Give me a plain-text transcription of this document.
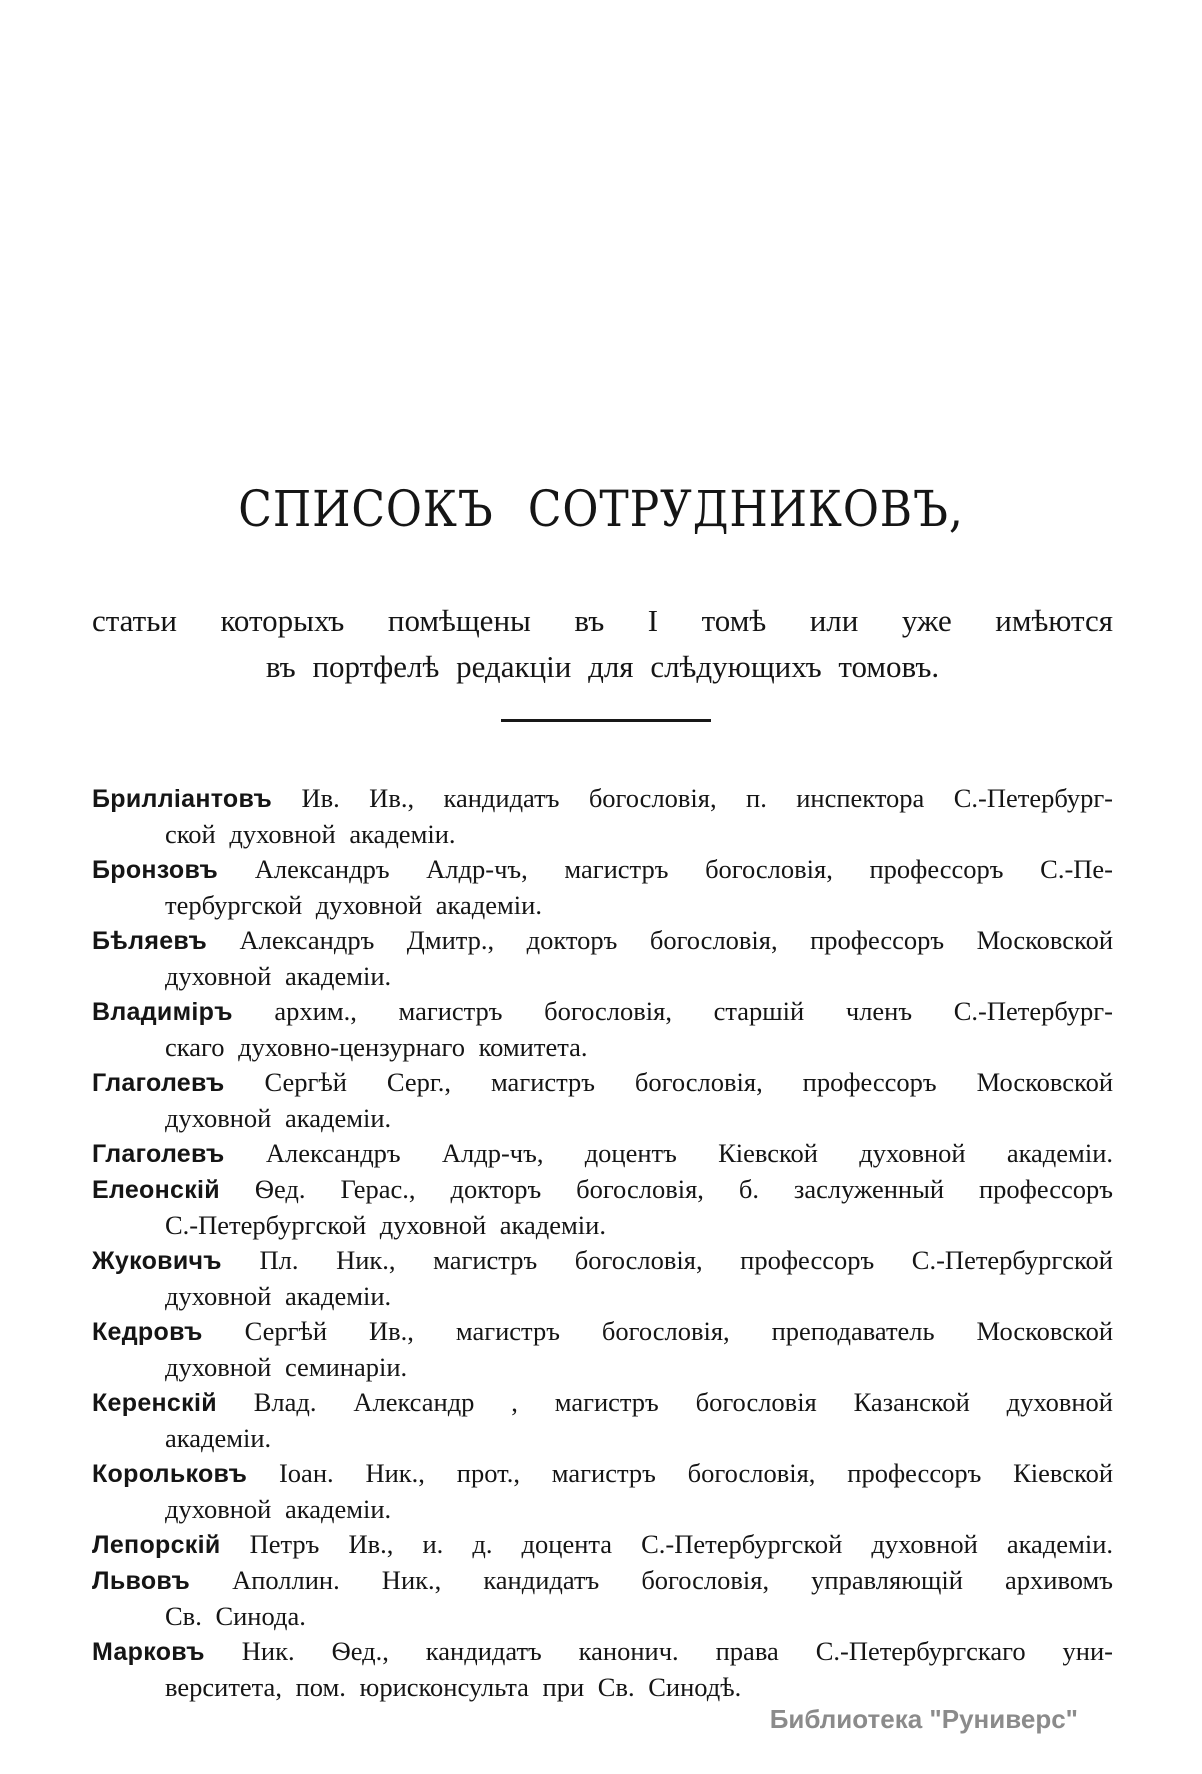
СПИСОКЪ СОТРУДНИКОВЪ,
статьи которыхъ помѣщены въ I томѣ или уже имѣются
въ портфелѣ редакціи для слѣдующихъ томовъ.
Брилліантовъ Ив. Ив., кандидатъ богословія, п. инспектора С.-Петербург-
ской духовной академіи.
Бронзовъ Александръ Алдр-чъ, магистръ богословія, профессоръ С.-Пе-
тербургской духовной академіи.
Бѣляевъ Александръ Дмитр., докторъ богословія, профессоръ Московской
духовной академіи.
Владиміръ архим., магистръ богословія, старшій членъ С.-Петербург-
скаго духовно-цензурнаго комитета.
Глаголевъ Сергѣй Серг., магистръ богословія, профессоръ Московской
духовной академіи.
Глаголевъ Александръ Алдр-чъ, доцентъ Кіевской духовной академіи.
Елеонскій Ѳед. Герас., докторъ богословія, б. заслуженный профессоръ
С.-Петербургской духовной академіи.
Жуковичъ Пл. Ник., магистръ богословія, профессоръ С.-Петербургской
духовной академіи.
Кедровъ Сергѣй Ив., магистръ богословія, преподаватель Московской
духовной семинаріи.
Керенскій Влад. Александр , магистръ богословія Казанской духовной
академіи.
Корольковъ Іоан. Ник., прот., магистръ богословія, профессоръ Кіевской
духовной академіи.
Лепорскій Петръ Ив., и. д. доцента С.-Петербургской духовной академіи.
Львовъ Аполлин. Ник., кандидатъ богословія, управляющій архивомъ
Св. Синода.
Марковъ Ник. Ѳед., кандидатъ канонич. права С.-Петербургскаго уни-
верситета, пом. юрисконсульта при Св. Синодѣ.
Библиотека "Руниверс"
